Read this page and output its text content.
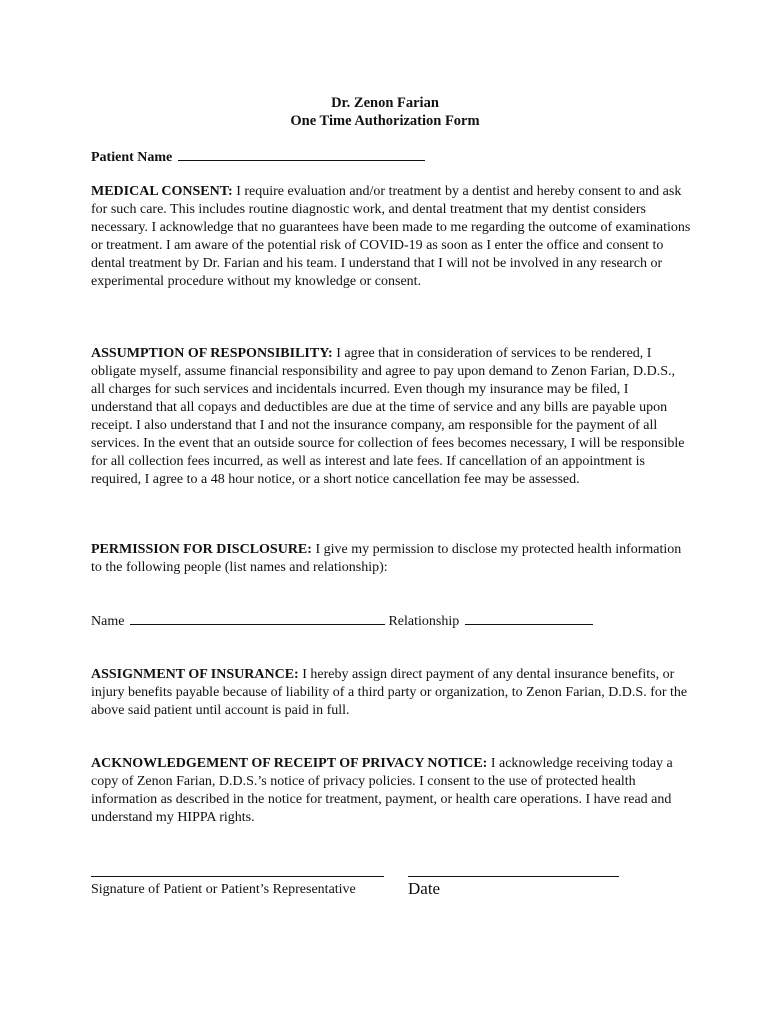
Dr. Zenon Farian
One Time Authorization Form
Patient Name
MEDICAL CONSENT: I require evaluation and/or treatment by a dentist and hereby consent to and ask for such care. This includes routine diagnostic work, and dental treatment that my dentist considers necessary. I acknowledge that no guarantees have been made to me regarding the outcome of examinations or treatment. I am aware of the potential risk of COVID-19 as soon as I enter the office and consent to dental treatment by Dr. Farian and his team. I understand that I will not be involved in any research or experimental procedure without my knowledge or consent.
ASSUMPTION OF RESPONSIBILITY: I agree that in consideration of services to be rendered, I obligate myself, assume financial responsibility and agree to pay upon demand to Zenon Farian, D.D.S., all charges for such services and incidentals incurred. Even though my insurance may be filed, I understand that all copays and deductibles are due at the time of service and any bills are payable upon receipt. I also understand that I and not the insurance company, am responsible for the payment of all services. In the event that an outside source for collection of fees becomes necessary, I will be responsible for all collection fees incurred, as well as interest and late fees. If cancellation of an appointment is required, I agree to a 48 hour notice, or a short notice cancellation fee may be assessed.
PERMISSION FOR DISCLOSURE: I give my permission to disclose my protected health information to the following people (list names and relationship):
Name	Relationship
ASSIGNMENT OF INSURANCE: I hereby assign direct payment of any dental insurance benefits, or injury benefits payable because of liability of a third party or organization, to Zenon Farian, D.D.S. for the above said patient until account is paid in full.
ACKNOWLEDGEMENT OF RECEIPT OF PRIVACY NOTICE: I acknowledge receiving today a copy of Zenon Farian, D.D.S.’s notice of privacy policies. I consent to the use of protected health information as described in the notice for treatment, payment, or health care operations. I have read and understand my HIPPA rights.
Signature of Patient or Patient’s Representative	Date
